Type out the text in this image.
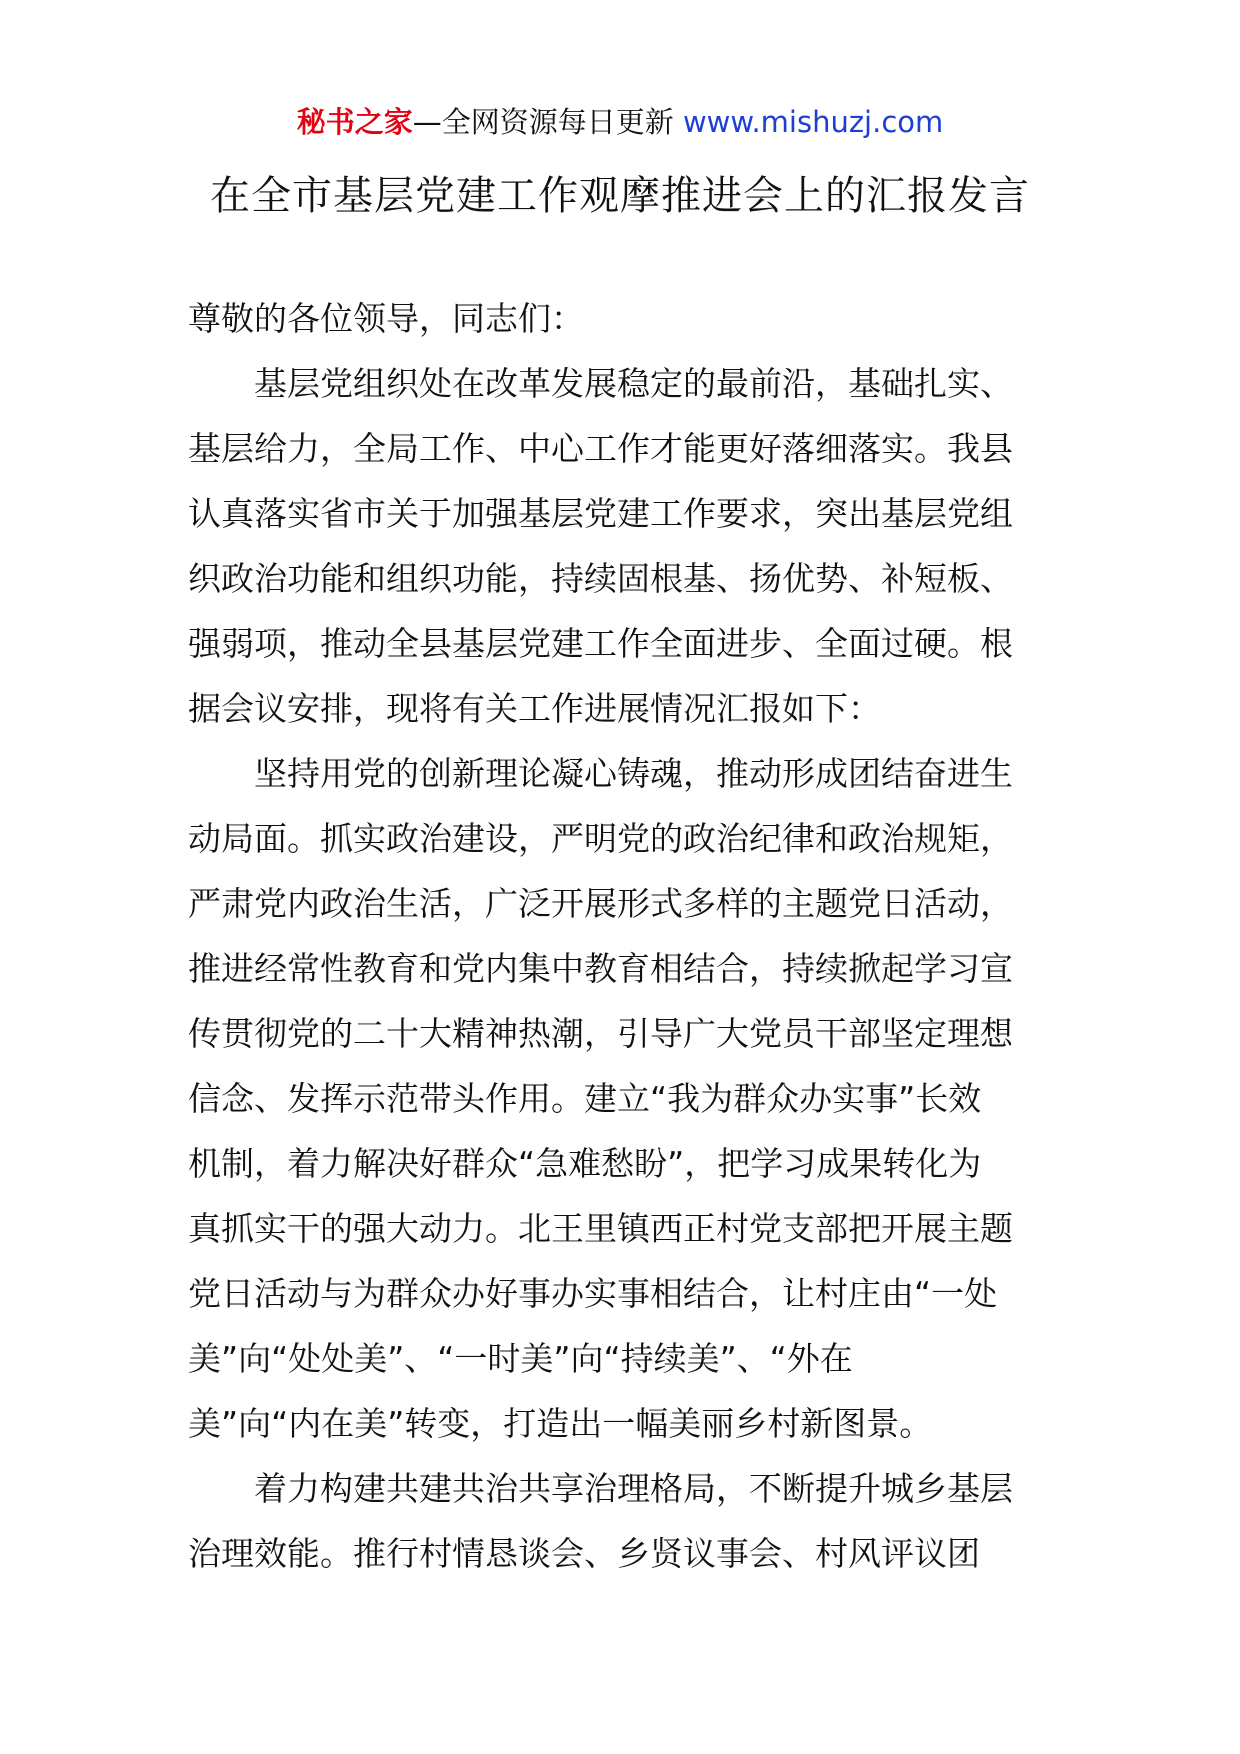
秘书之家—全网资源每日更新 www.mishuzj.com
在全市基层党建工作观摩推进会上的汇报发言
尊敬的各位领导，同志们：
　　基层党组织处在改革发展稳定的最前沿，基础扎实、
基层给力，全局工作、中心工作才能更好落细落实。我县
认真落实省市关于加强基层党建工作要求，突出基层党组
织政治功能和组织功能，持续固根基、扬优势、补短板、
强弱项，推动全县基层党建工作全面进步、全面过硬。根
据会议安排，现将有关工作进展情况汇报如下：
　　坚持用党的创新理论凝心铸魂，推动形成团结奋进生
动局面。抓实政治建设，严明党的政治纪律和政治规矩，
严肃党内政治生活，广泛开展形式多样的主题党日活动，
推进经常性教育和党内集中教育相结合，持续掀起学习宣
传贯彻党的二十大精神热潮，引导广大党员干部坚定理想
信念、发挥示范带头作用。建立“我为群众办实事”长效
机制，着力解决好群众“急难愁盼”，把学习成果转化为
真抓实干的强大动力。北王里镇西正村党支部把开展主题
党日活动与为群众办好事办实事相结合，让村庄由“一处
美”向“处处美”、“一时美”向“持续美”、“外在
美”向“内在美”转变，打造出一幅美丽乡村新图景。
　　着力构建共建共治共享治理格局，不断提升城乡基层
治理效能。推行村情恳谈会、乡贤议事会、村风评议团
